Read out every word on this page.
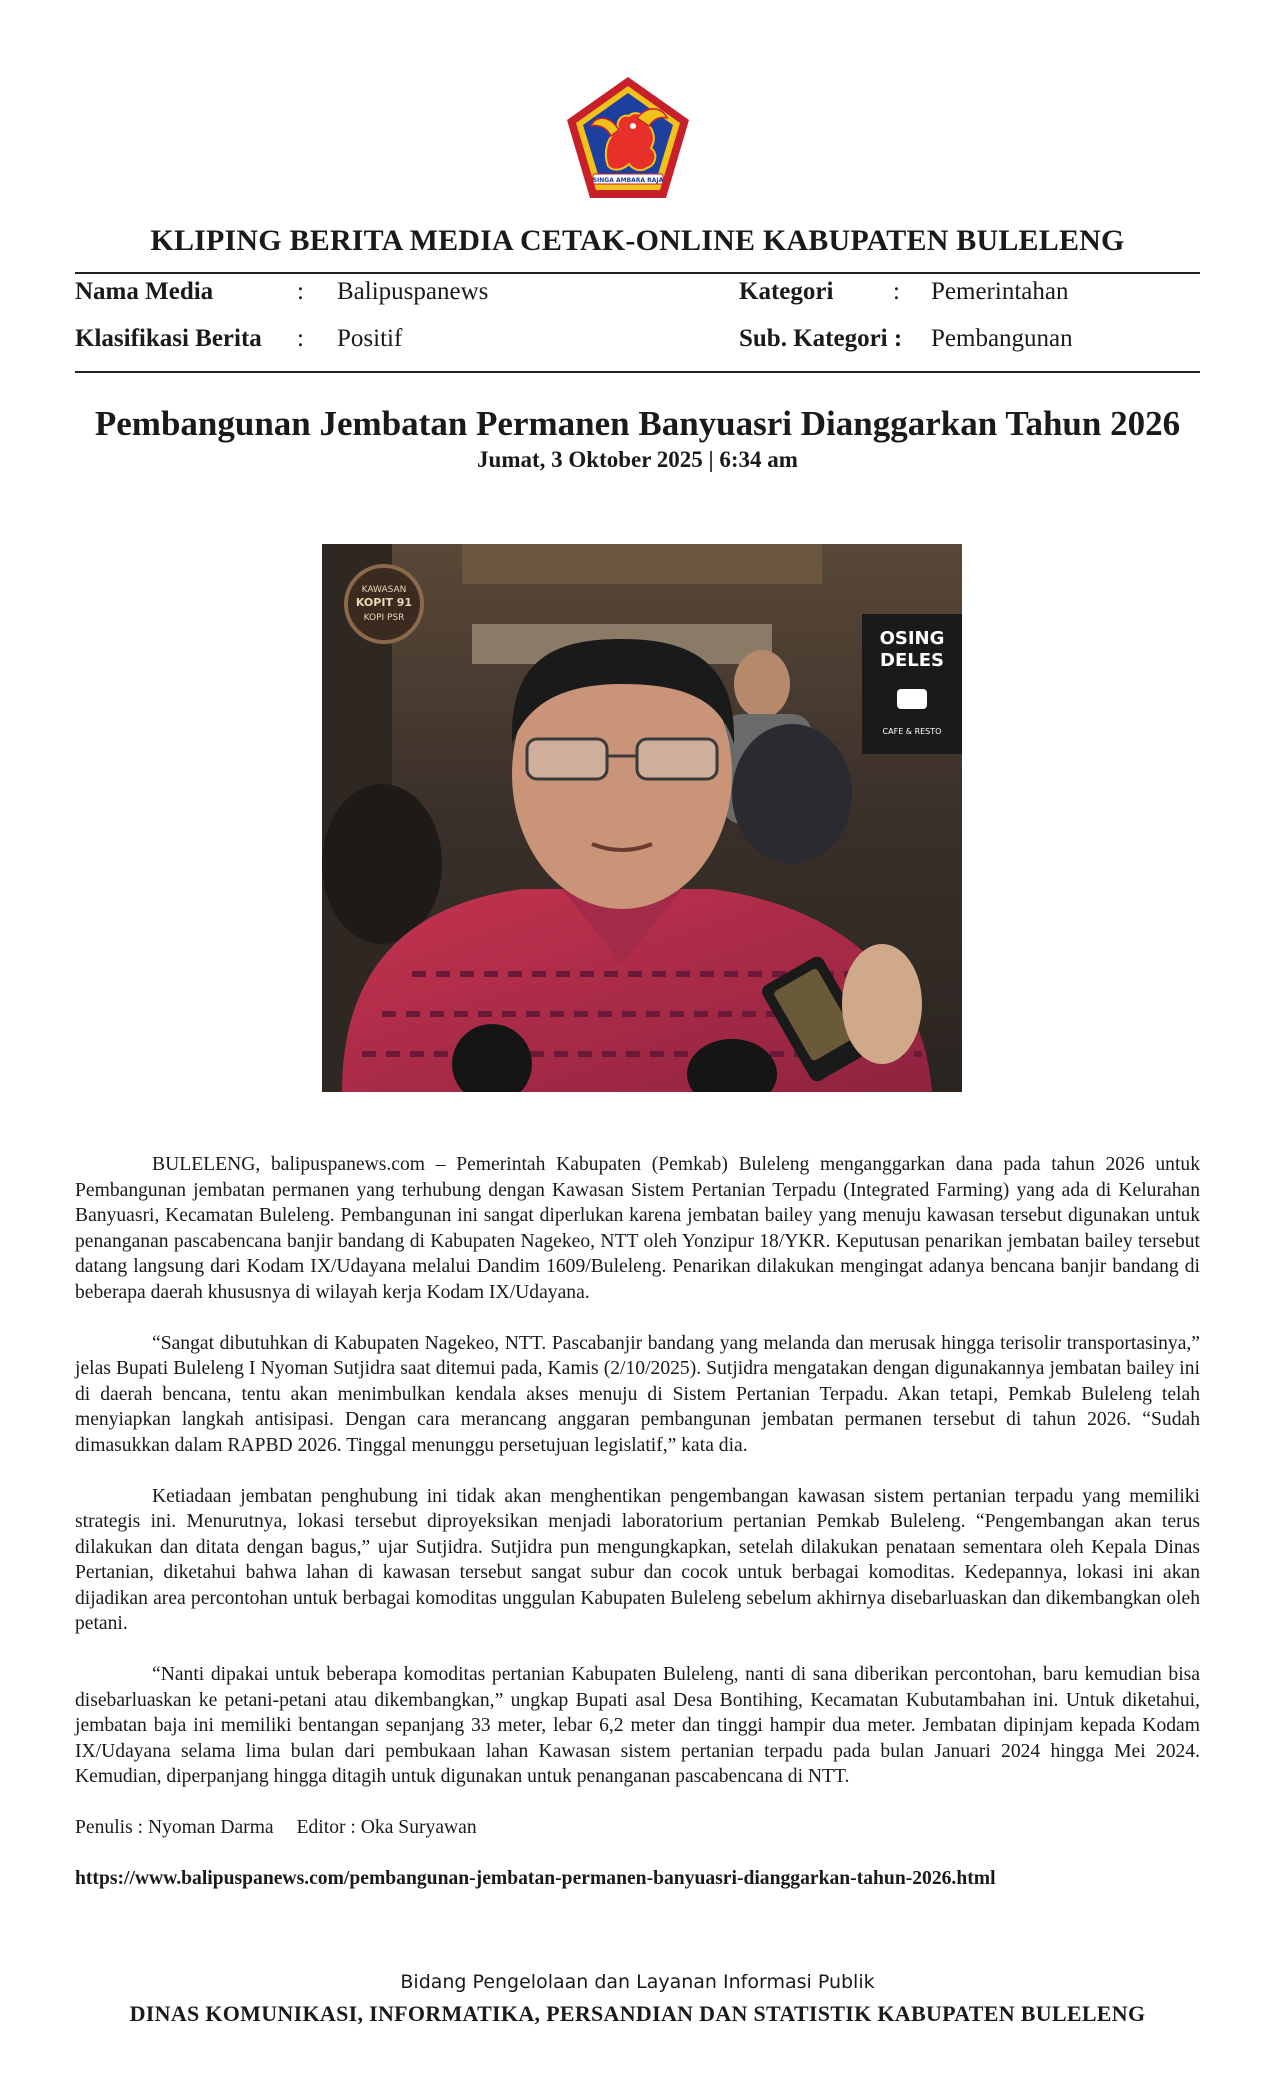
SINGA AMBARA RAJA
KLIPING BERITA MEDIA CETAK-ONLINE KABUPATEN BULELENG
Nama Media	: Balipuspanews	Kategori : Pemerintahan
Klasifikasi Berita : Positif	Sub. Kategori : Pembangunan
Pembangunan Jembatan Permanen Banyuasri Dianggarkan Tahun 2026
Jumat, 3 Oktober 2025 | 6:34 am
KAWASAN
KOPIT 91
KOPI PSR
OSING
DELES
CAFE & RESTO

BULELENG, balipuspanews.com – Pemerintah Kabupaten (Pemkab) Buleleng menganggarkan dana pada tahun 2026 untuk Pembangunan jembatan permanen yang terhubung dengan Kawasan Sistem Pertanian Terpadu (Integrated Farming) yang ada di Kelurahan Banyuasri, Kecamatan Buleleng. Pembangunan ini sangat diperlukan karena jembatan bailey yang menuju kawasan tersebut digunakan untuk penanganan pascabencana banjir bandang di Kabupaten Nagekeo, NTT oleh Yonzipur 18/YKR. Keputusan penarikan jembatan bailey tersebut datang langsung dari Kodam IX/Udayana melalui Dandim 1609/Buleleng. Penarikan dilakukan mengingat adanya bencana banjir bandang di beberapa daerah khususnya di wilayah kerja Kodam IX/Udayana.

“Sangat dibutuhkan di Kabupaten Nagekeo, NTT. Pascabanjir bandang yang melanda dan merusak hingga terisolir transportasinya,” jelas Bupati Buleleng I Nyoman Sutjidra saat ditemui pada, Kamis (2/10/2025). Sutjidra mengatakan dengan digunakannya jembatan bailey ini di daerah bencana, tentu akan menimbulkan kendala akses menuju di Sistem Pertanian Terpadu. Akan tetapi, Pemkab Buleleng telah menyiapkan langkah antisipasi. Dengan cara merancang anggaran pembangunan jembatan permanen tersebut di tahun 2026. “Sudah dimasukkan dalam RAPBD 2026. Tinggal menunggu persetujuan legislatif,” kata dia.

Ketiadaan jembatan penghubung ini tidak akan menghentikan pengembangan kawasan sistem pertanian terpadu yang memiliki strategis ini. Menurutnya, lokasi tersebut diproyeksikan menjadi laboratorium pertanian Pemkab Buleleng. “Pengembangan akan terus dilakukan dan ditata dengan bagus,” ujar Sutjidra. Sutjidra pun mengungkapkan, setelah dilakukan penataan sementara oleh Kepala Dinas Pertanian, diketahui bahwa lahan di kawasan tersebut sangat subur dan cocok untuk berbagai komoditas. Kedepannya, lokasi ini akan dijadikan area percontohan untuk berbagai komoditas unggulan Kabupaten Buleleng sebelum akhirnya disebarluaskan dan dikembangkan oleh petani.

“Nanti dipakai untuk beberapa komoditas pertanian Kabupaten Buleleng, nanti di sana diberikan percontohan, baru kemudian bisa disebarluaskan ke petani-petani atau dikembangkan,” ungkap Bupati asal Desa Bontihing, Kecamatan Kubutambahan ini. Untuk diketahui, jembatan baja ini memiliki bentangan sepanjang 33 meter, lebar 6,2 meter dan tinggi hampir dua meter. Jembatan dipinjam kepada Kodam IX/Udayana selama lima bulan dari pembukaan lahan Kawasan sistem pertanian terpadu pada bulan Januari 2024 hingga Mei 2024. Kemudian, diperpanjang hingga ditagih untuk digunakan untuk penanganan pascabencana di NTT.

Penulis : Nyoman Darma Editor : Oka Suryawan

https://www.balipuspanews.com/pembangunan-jembatan-permanen-banyuasri-dianggarkan-tahun-2026.html

Bidang Pengelolaan dan Layanan Informasi Publik
DINAS KOMUNIKASI, INFORMATIKA, PERSANDIAN DAN STATISTIK KABUPATEN BULELENG
